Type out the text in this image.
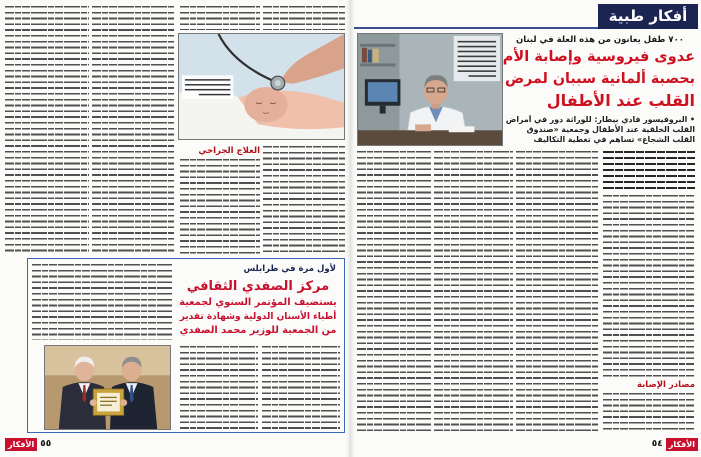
أفكار طبية
٧٠٠ طفل يعانون من هذه العلة في لبنان
عدوى فيروسية وإصابة الأم
بحصبة ألمانية سببان لمرض
القلب عند الأطفال
• البروفيسور فادي بيطار: للوراثة دور في أمراض القلب الخلقية عند الأطفال وجمعية «صندوق القلب الشجاع» تساهم في تغطية التكاليف
مصادر الإصابة
الأفكار
٥٤
العلاج الجراحي
لأول مرة في طرابلس
مركز الصفدي الثقافي
يستضيف المؤتمر السنوي لجمعية
أطباء الأسنان الدولية وشهادة تقدير
من الجمعية للوزير محمد الصفدي
الأفكار ٥٥
